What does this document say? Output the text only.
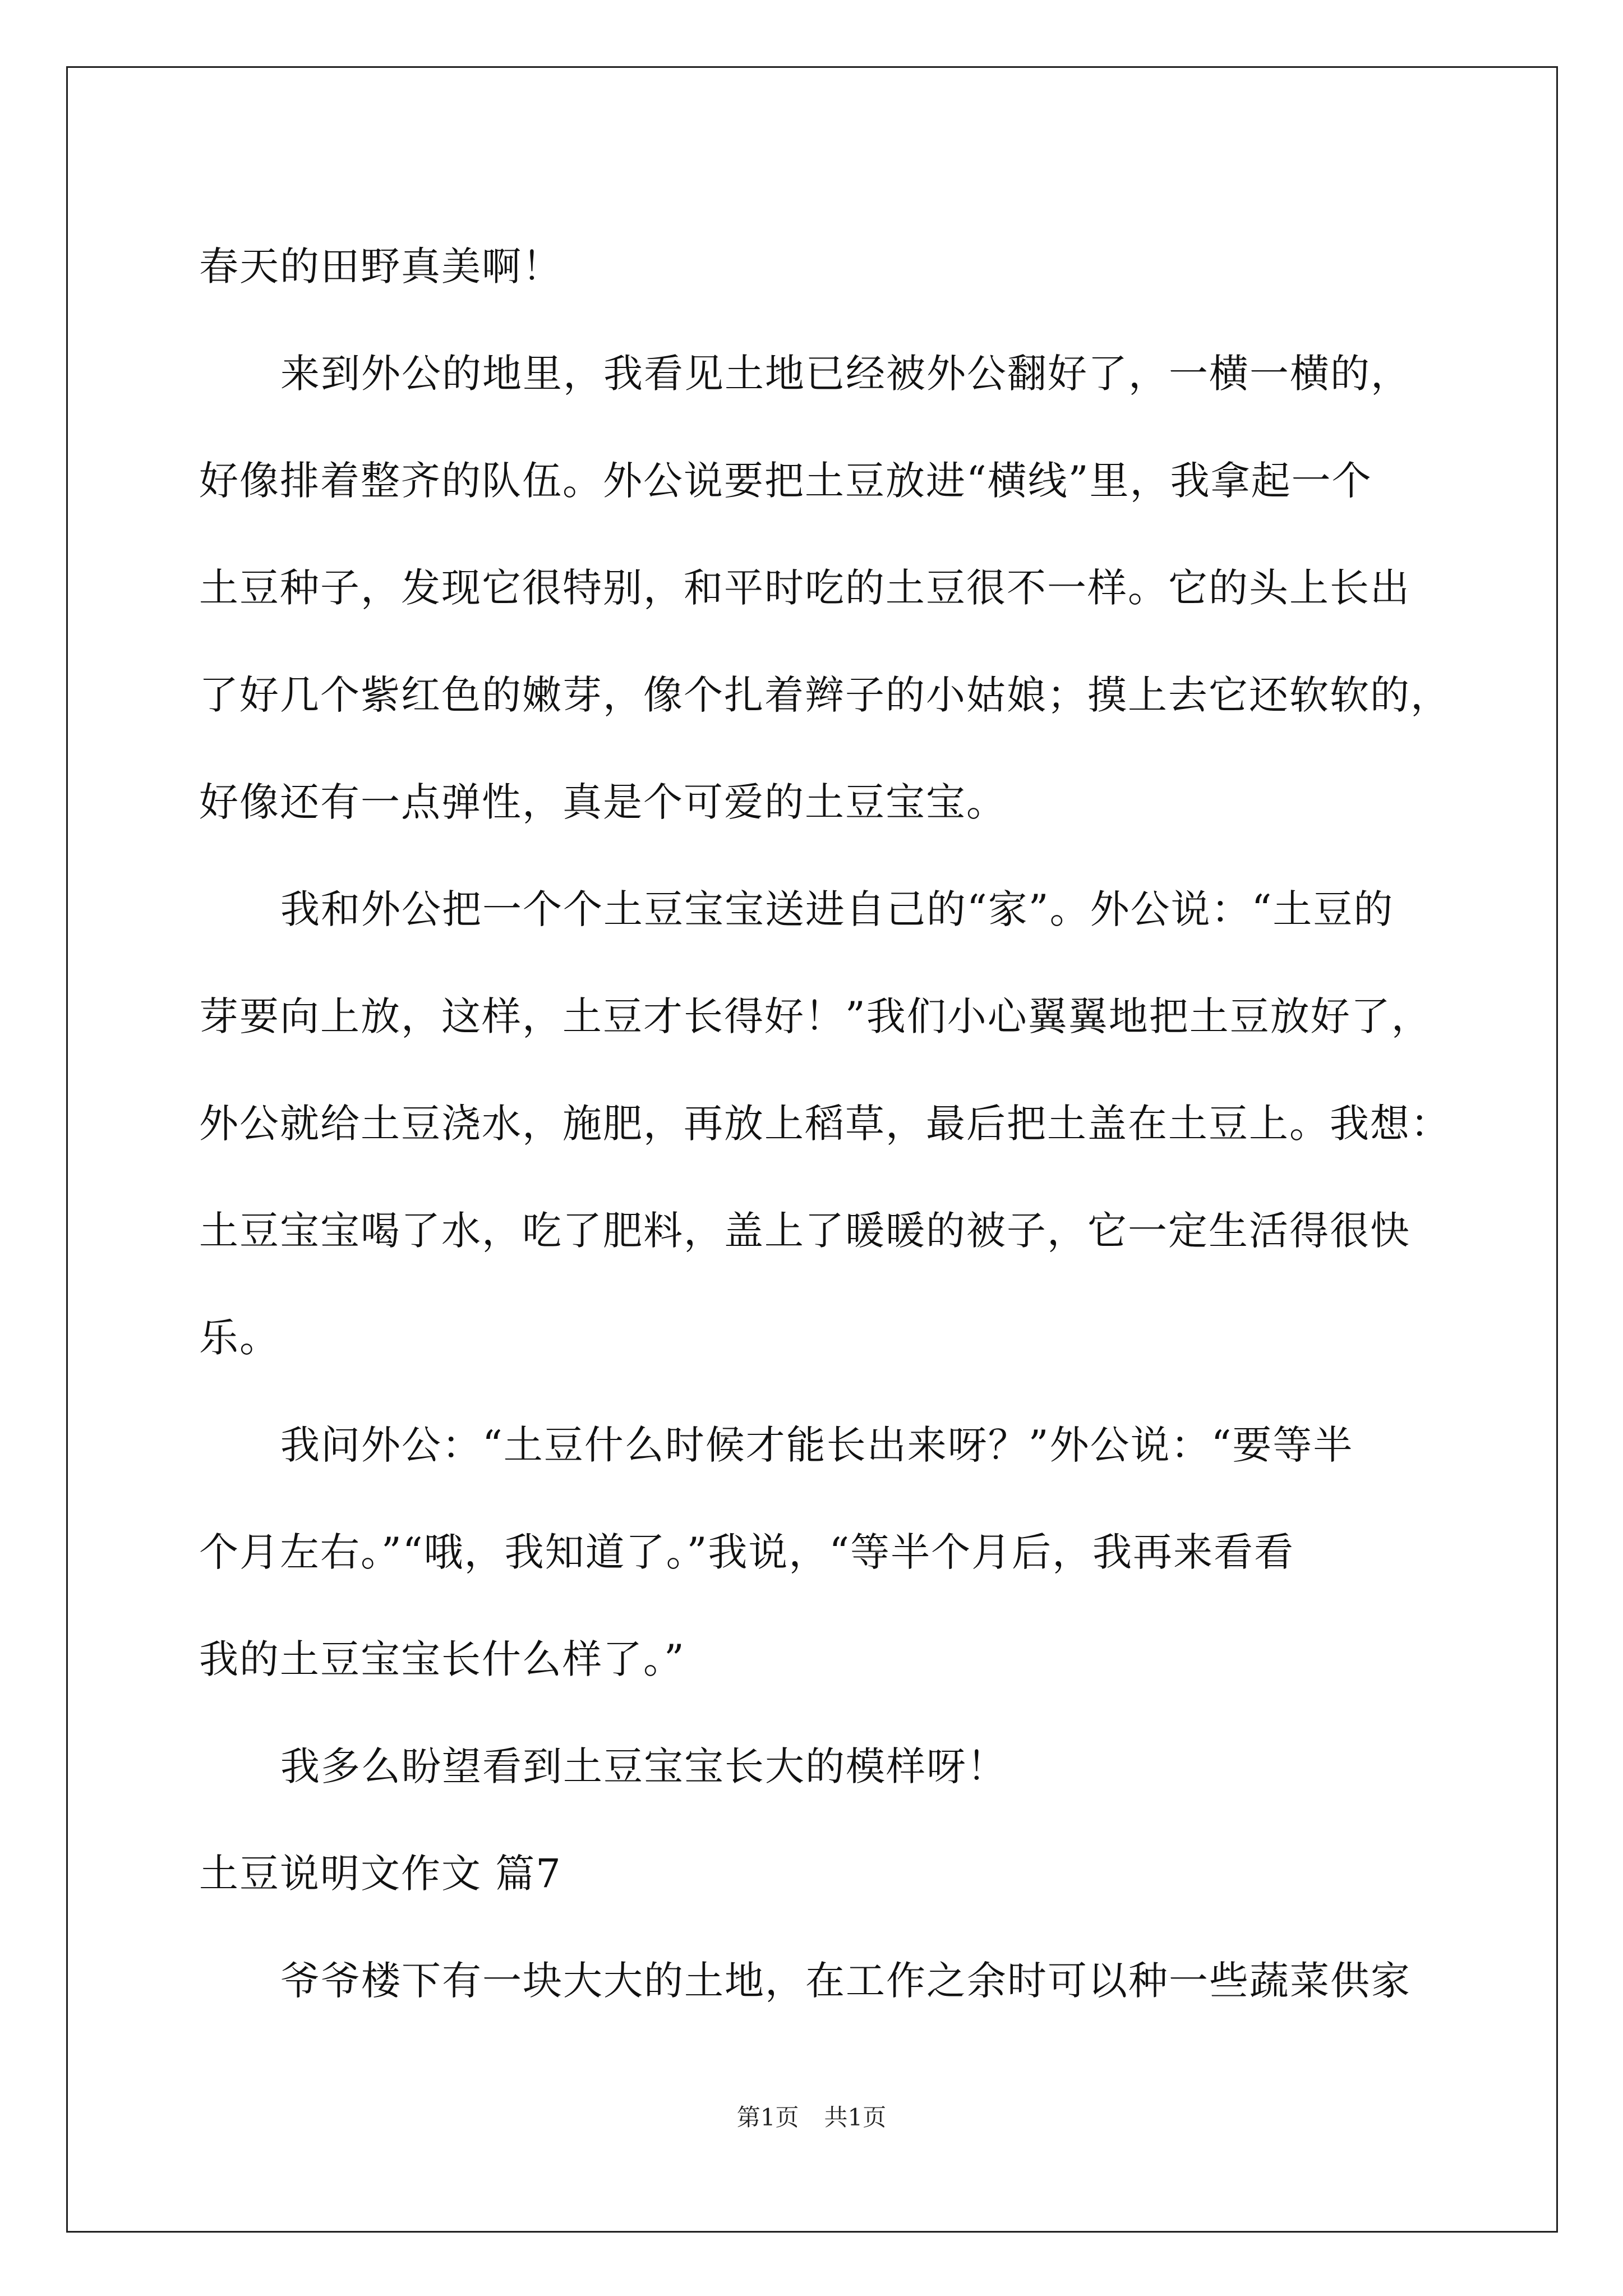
春天的田野真美啊！
来到外公的地里，我看见土地已经被外公翻好了，一横一横的，
好像排着整齐的队伍。外公说要把土豆放进“横线”里，我拿起一个
土豆种子，发现它很特别，和平时吃的土豆很不一样。它的头上长出
了好几个紫红色的嫩芽，像个扎着辫子的小姑娘；摸上去它还软软的，
好像还有一点弹性，真是个可爱的土豆宝宝。
我和外公把一个个土豆宝宝送进自己的“家”。外公说：“土豆的
芽要向上放，这样，土豆才长得好！”我们小心翼翼地把土豆放好了，
外公就给土豆浇水，施肥，再放上稻草，最后把土盖在土豆上。我想：
土豆宝宝喝了水，吃了肥料，盖上了暖暖的被子，它一定生活得很快
乐。
我问外公：“土豆什么时候才能长出来呀？”外公说：“要等半
个月左右。”“哦，我知道了。”我说，“等半个月后，我再来看看
我的土豆宝宝长什么样了。”
我多么盼望看到土豆宝宝长大的模样呀！
土豆说明文作文 篇7
爷爷楼下有一块大大的土地，在工作之余时可以种一些蔬菜供家
第1页 共1页
